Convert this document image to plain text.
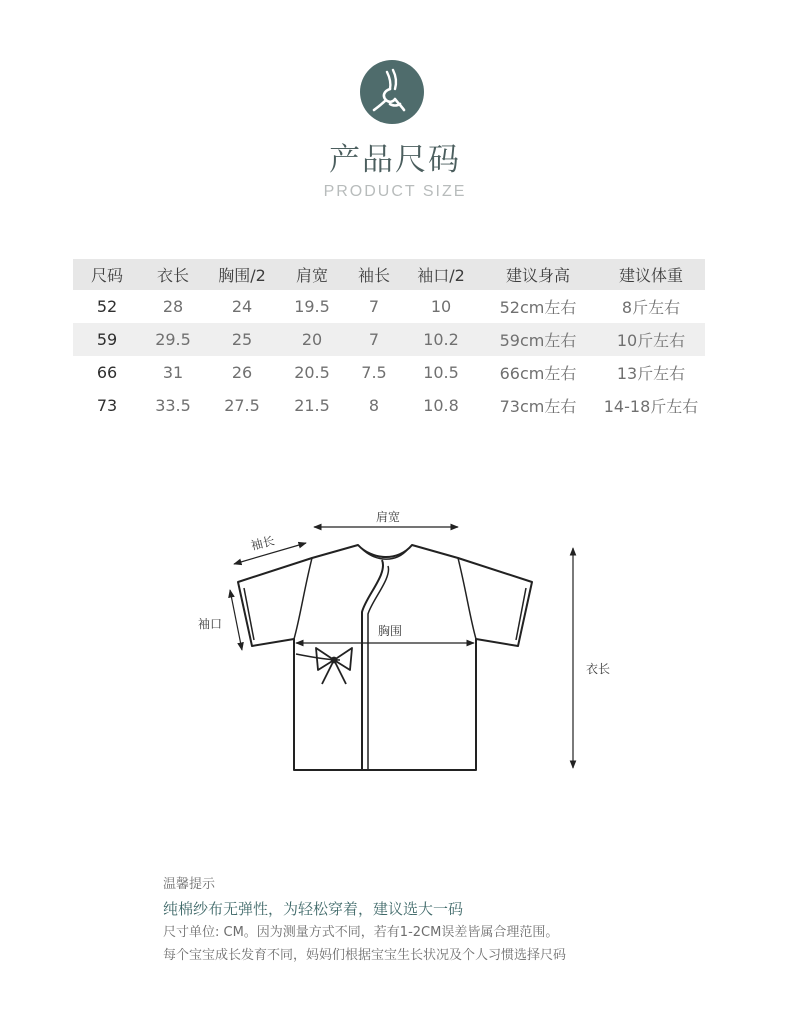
产品尺码
PRODUCT SIZE
尺码	衣长	胸围/2	肩宽	袖长	袖口/2	建议身高	建议体重
52	28	24	19.5	7	10	52cm左右	8斤左右
59	29.5	25	20	7	10.2	59cm左右	10斤左右
66	31	26	20.5	7.5	10.5	66cm左右	13斤左右
73	33.5	27.5	21.5	8	10.8	73cm左右	14-18斤左右
肩宽
袖长
袖口	胸围
衣长
温馨提示
纯棉纱布无弹性，为轻松穿着，建议选大一码
尺寸单位: CM。因为测量方式不同，若有1-2CM误差皆属合理范围。
每个宝宝成长发育不同，妈妈们根据宝宝生长状况及个人习惯选择尺码
